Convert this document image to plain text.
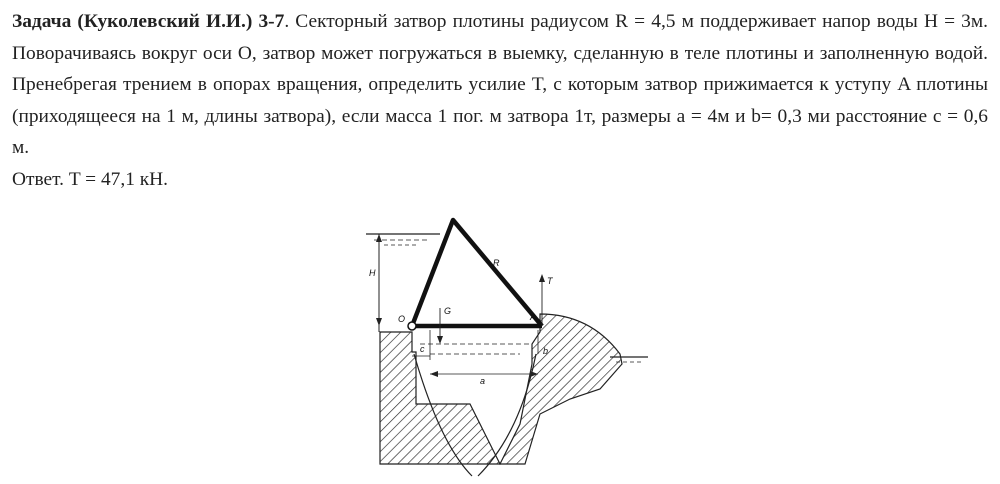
Задача (Куколевский И.И.) 3-7. Секторный затвор плотины радиусом R = 4,5 м поддерживает напор воды H = 3м. Поворачиваясь вокруг оси O, затвор может погружаться в выемку, сделанную в теле плотины и заполненную водой. Пренебрегая трением в опорах вращения, определить усилие T, с которым затвор прижимается к уступу A плотины (приходящееся на 1 м, длины затвора), если масса 1 пог. м затвора 1т, размеры a = 4м и b= 0,3 ми расстояние c = 0,6 м.
Ответ. T = 47,1 кН.

H
R
O
G
T
A
c	b
a
